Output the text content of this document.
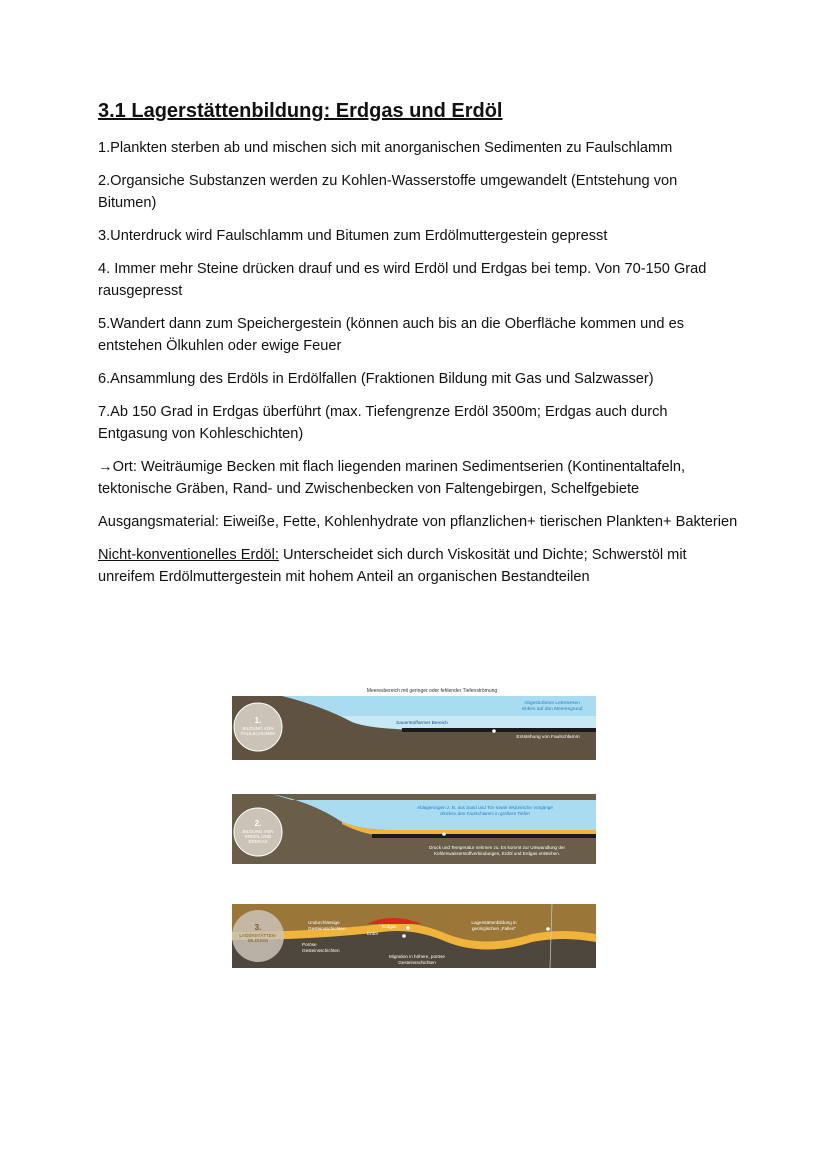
3.1 Lagerstättenbildung: Erdgas und Erdöl

1.Plankten sterben ab und mischen sich mit anorganischen Sedimenten zu Faulschlamm

2.Organsiche Substanzen werden zu Kohlen-Wasserstoffe umgewandelt (Entstehung von Bitumen)

3.Unterdruck wird Faulschlamm und Bitumen zum Erdölmuttergestein gepresst

4. Immer mehr Steine drücken drauf und es wird Erdöl und Erdgas bei temp. Von 70-150 Grad rausgepresst

5.Wandert dann zum Speichergestein (können auch bis an die Oberfläche kommen und es entstehen Ölkuhlen oder ewige Feuer

6.Ansammlung des Erdöls in Erdölfallen (Fraktionen Bildung mit Gas und Salzwasser)

7.Ab 150 Grad in Erdgas überführt (max. Tiefengrenze Erdöl 3500m; Erdgas auch durch Entgasung von Kohleschichten)

→Ort: Weiträumige Becken mit flach liegenden marinen Sedimentserien (Kontinentaltafeln, tektonische Gräben, Rand- und Zwischenbecken von Faltengebirgen, Schelfgebiete

Ausgangsmaterial: Eiweiße, Fette, Kohlenhydrate von pflanzlichen+ tierischen Plankten+ Bakterien

Nicht-konventionelles Erdöl: Unterscheidet sich durch Viskosität und Dichte; Schwerstöl mit unreifem Erdölmuttergestein mit hohem Anteil an organischen Bestandteilen

Meeresbereich mit geringer oder fehlender Tiefenströmung
1.
BILDUNG VON
FAULSCHLAMM
Abgestorbene Lebewesen
sinken auf den Meeresgrund
Sauerstoffarmer Bereich
Entstehung von Faulschlamm
2.
BILDUNG VON
ERDÖL UND
ERDGAS
Ablagerungen z. B. aus Sand und Ton sowie tektonische Vorgänge
drücken den Faulschlamm in größere Tiefen
Druck und Temperatur nehmen zu. Es kommt zur Umwandlung der
Kohlenwasserstoffverbindungen, Erdöl und Erdgas entstehen.
3.
LAGERSTÄTTEN-
BILDUNG
Undurchlässige
Gesteinsschichten	Erdgas
Erdöl
Poröse
Gesteinsschichten
Lagerstättenbildung in
geologischen „Fallen"
Migration in höhere, poröse
Gesteinsschichten
